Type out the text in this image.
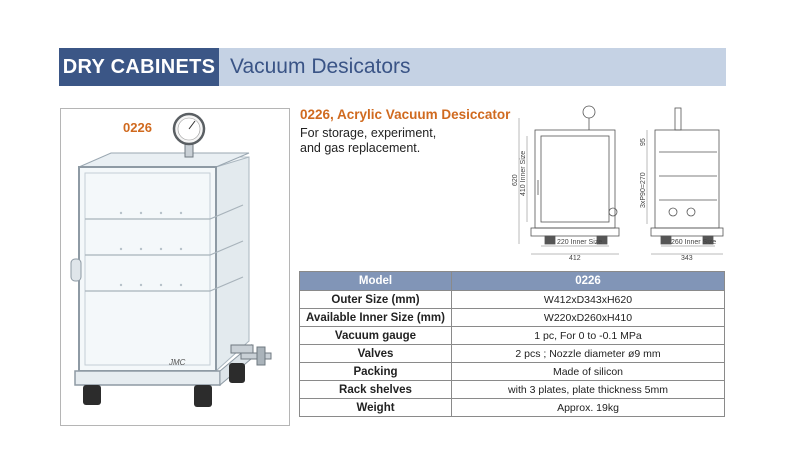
DRY CABINETS Vacuum Desicators
JMC
0226
0226, Acrylic Vacuum Desiccator
For storage, experiment,
and gas replacement.
620 410 Inner Size
220 Inner Size
412
95
3xP90=270
260 Inner Size
343
Model	0226
Outer Size (mm)	W412xD343xH620
Available Inner Size (mm)	W220xD260xH410
Vacuum gauge	1 pc, For 0 to -0.1 MPa
Valves	2 pcs ; Nozzle diameter ø9 mm
Packing	Made of silicon
Rack shelves	with 3 plates, plate thickness 5mm
Weight	Approx. 19kg
